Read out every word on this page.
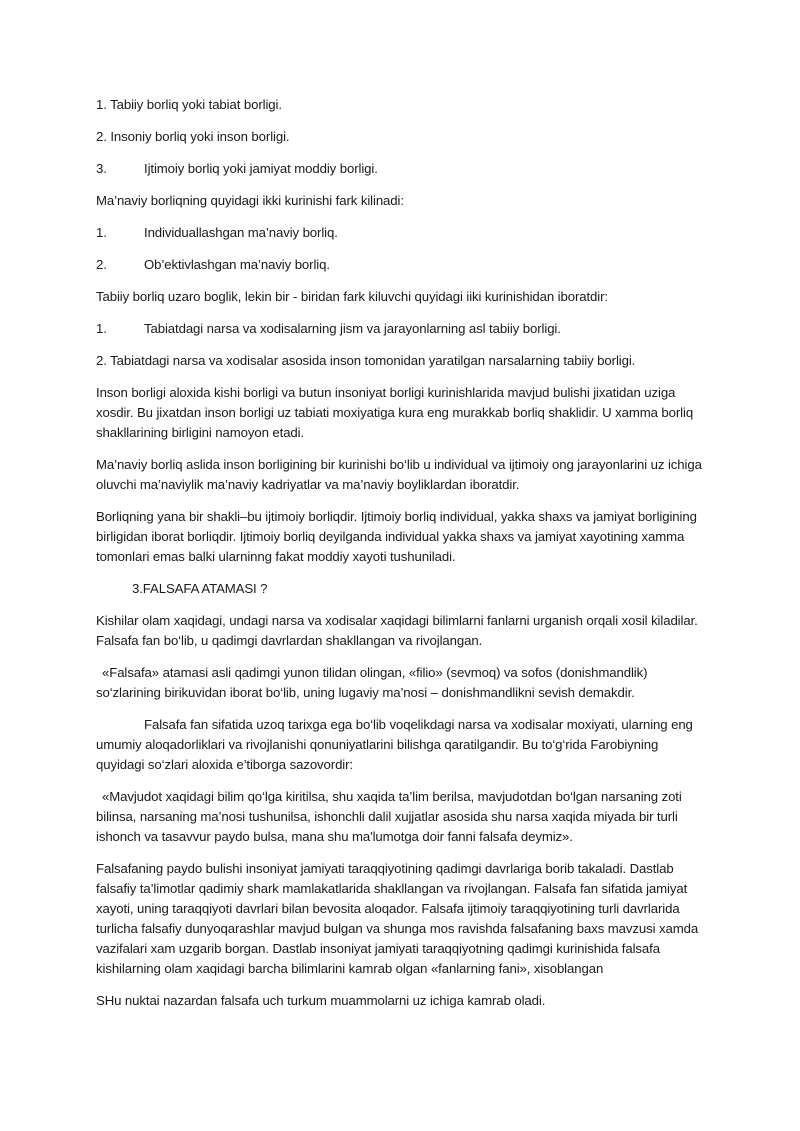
1. Tabiiy borliq yoki tabiat borligi.

2. Insoniy borliq yoki inson borligi.

3.	Ijtimoiy borliq yoki jamiyat moddiy borligi.

Ma’naviy borliqning quyidagi ikki kurinishi fark kilinadi:

1.	Individuallashgan ma’naviy borliq.

2.	Ob’ektivlashgan ma’naviy borliq.

Tabiiy borliq uzaro boglik, lekin bir - biridan fark kiluvchi quyidagi iiki kurinishidan iboratdir:

1.	Tabiatdagi narsa va xodisalarning jism va jarayonlarning asl tabiiy borligi.

2. Tabiatdagi narsa va xodisalar asosida inson tomonidan yaratilgan narsalarning tabiiy borligi.

Inson borligi aloxida kishi borligi va butun insoniyat borligi kurinishlarida mavjud bulishi jixatidan uziga xosdir. Bu jixatdan inson borligi uz tabiati moxiyatiga kura eng murakkab borliq shaklidir. U xamma borliq shakllarining birligini namoyon etadi.

Ma’naviy borliq aslida inson borligining bir kurinishi bo‘lib u individual va ijtimoiy ong jarayonlarini uz ichiga oluvchi ma’naviylik ma’naviy kadriyatlar va ma’naviy boyliklardan iboratdir.

Borliqning yana bir shakli–bu ijtimoiy borliqdir. Ijtimoiy borliq individual, yakka shaxs va jamiyat borligining birligidan iborat borliqdir. Ijtimoiy borliq deyilganda individual yakka shaxs va jamiyat xayotining xamma tomonlari emas balki ularninng fakat moddiy xayoti tushuniladi.

3.FALSAFA ATAMASI ?

Kishilar olam xaqidagi, undagi narsa va xodisalar xaqidagi bilimlarni fanlarni urganish orqali xosil kiladilar. Falsafa fan bo‘lib, u qadimgi davrlardan shakllangan va rivojlangan.

«Falsafa» atamasi asli qadimgi yunon tilidan olingan, «filio» (sevmoq) va sofos (donishmandlik) so‘zlarining birikuvidan iborat bo‘lib, uning lugaviy ma’nosi – donishmandlikni sevish demakdir.

Falsafa fan sifatida uzoq tarixga ega bo‘lib voqelikdagi narsa va xodisalar moxiyati, ularning eng umumiy aloqadorliklari va rivojlanishi qonuniyatlarini bilishga qaratilgandir. Bu to‘g‘rida Farobiyning quyidagi so‘zlari aloxida e’tiborga sazovordir:

«Mavjudot xaqidagi bilim qo‘lga kiritilsa, shu xaqida ta’lim berilsa, mavjudotdan bo‘lgan narsaning zoti bilinsa, narsaning ma’nosi tushunilsa, ishonchli dalil xujjatlar asosida shu narsa xaqida miyada bir turli ishonch va tasavvur paydo bulsa, mana shu ma'lumotga doir fanni falsafa deymiz».

Falsafaning paydo bulishi insoniyat jamiyati taraqqiyotining qadimgi davrlariga borib takaladi. Dastlab falsafiy ta’limotlar qadimiy shark mamlakatlarida shakllangan va rivojlangan. Falsafa fan sifatida jamiyat xayoti, uning taraqqiyoti davrlari bilan bevosita aloqador. Falsafa ijtimoiy taraqqiyotining turli davrlarida turlicha falsafiy dunyoqarashlar mavjud bulgan va shunga mos ravishda falsafaning baxs mavzusi xamda vazifalari xam uzgarib borgan. Dastlab insoniyat jamiyati taraqqiyotning qadimgi kurinishida falsafa kishilarning olam xaqidagi barcha bilimlarini kamrab olgan «fanlarning fani», xisoblangan

SHu nuktai nazardan falsafa uch turkum muammolarni uz ichiga kamrab oladi.
